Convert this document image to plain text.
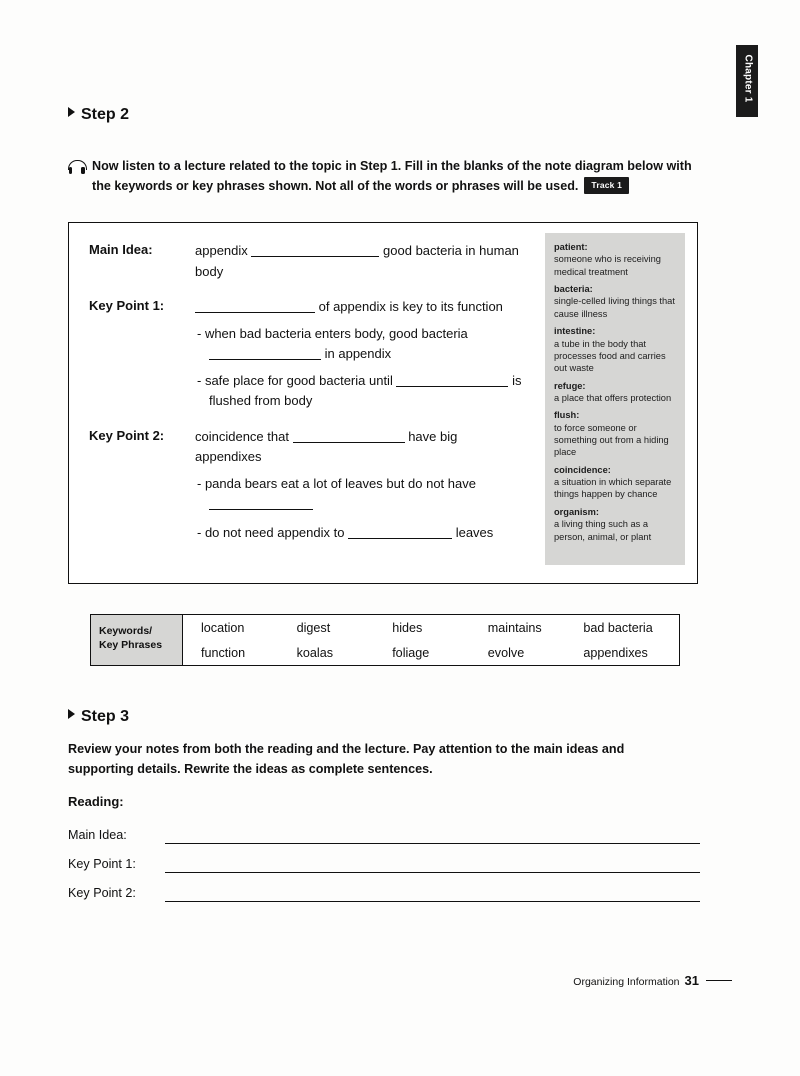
Chapter 1
Step 2
Now listen to a lecture related to the topic in Step 1. Fill in the blanks of the note diagram below with the keywords or key phrases shown. Not all of the words or phrases will be used. Track 1
Main Idea:	appendix	good bacteria in human
body
Key Point 1:	of appendix is key to its function
- when bad bacteria enters body, good bacteria
in appendix
- safe place for good bacteria until	is
flushed from body
Key Point 2:	coincidence that	have big
appendixes
- panda bears eat a lot of leaves but do not have

- do not need appendix to	leaves
patient:
someone who is receiving medical treatment
bacteria:
single-celled living things that cause illness
intestine:
a tube in the body that processes food and carries out waste
refuge:
a place that offers protection
flush:
to force someone or something out from a hiding place
coincidence:
a situation in which separate things happen by chance
organism:
a living thing such as a person, animal, or plant
Keywords/
Key Phrases
location	digest	hides	maintains	bad bacteria
function	koalas	foliage	evolve	appendixes
Step 3
Review your notes from both the reading and the lecture. Pay attention to the main ideas and supporting details. Rewrite the ideas as complete sentences.
Reading:
Main Idea:
Key Point 1:
Key Point 2:
Organizing Information 31
